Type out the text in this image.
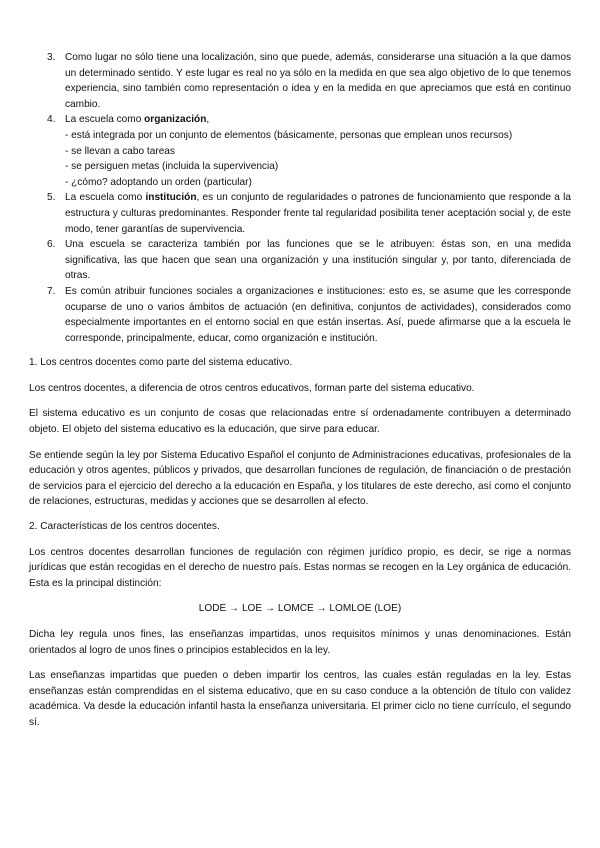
3. Como lugar no sólo tiene una localización, sino que puede, además, considerarse una situación a la que damos un determinado sentido. Y este lugar es real no ya sólo en la medida en que sea algo objetivo de lo que tenemos experiencia, sino también como representación o idea y en la medida en que apreciamos que está en continuo cambio.
4. La escuela como organización,
- está integrada por un conjunto de elementos (básicamente, personas que emplean unos recursos)
- se llevan a cabo tareas
- se persiguen metas (incluida la supervivencia)
- ¿cómo? adoptando un orden (particular)
5. La escuela como institución, es un conjunto de regularidades o patrones de funcionamiento que responde a la estructura y culturas predominantes. Responder frente tal regularidad posibilita tener aceptación social y, de este modo, tener garantías de supervivencia.
6. Una escuela se caracteriza también por las funciones que se le atribuyen: éstas son, en una medida significativa, las que hacen que sean una organización y una institución singular y, por tanto, diferenciada de otras.
7. Es común atribuir funciones sociales a organizaciones e instituciones: esto es, se asume que les corresponde ocuparse de uno o varios ámbitos de actuación (en definitiva, conjuntos de actividades), considerados como especialmente importantes en el entorno social en que están insertas. Así, puede afirmarse que a la escuela le corresponde, principalmente, educar, como organización e institución.

1. Los centros docentes como parte del sistema educativo.

Los centros docentes, a diferencia de otros centros educativos, forman parte del sistema educativo.

El sistema educativo es un conjunto de cosas que relacionadas entre sí ordenadamente contribuyen a determinado objeto. El objeto del sistema educativo es la educación, que sirve para educar.

Se entiende según la ley por Sistema Educativo Español el conjunto de Administraciones educativas, profesionales de la educación y otros agentes, públicos y privados, que desarrollan funciones de regulación, de financiación o de prestación de servicios para el ejercicio del derecho a la educación en España, y los titulares de este derecho, así como el conjunto de relaciones, estructuras, medidas y acciones que se desarrollen al efecto.

2. Características de los centros docentes.

Los centros docentes desarrollan funciones de regulación con régimen jurídico propio, es decir, se rige a normas jurídicas que están recogidas en el derecho de nuestro país. Estas normas se recogen en la Ley orgánica de educación. Esta es la principal distinción:

LODE → LOE → LOMCE → LOMLOE (LOE)

Dicha ley regula unos fines, las enseñanzas impartidas, unos requisitos mínimos y unas denominaciones. Están orientados al logro de unos fines o principios establecidos en la ley.

Las enseñanzas impartidas que pueden o deben impartir los centros, las cuales están reguladas en la ley. Estas enseñanzas están comprendidas en el sistema educativo, que en su caso conduce a la obtención de título con validez académica. Va desde la educación infantil hasta la enseñanza universitaria. El primer ciclo no tiene currículo, el segundo sí.
